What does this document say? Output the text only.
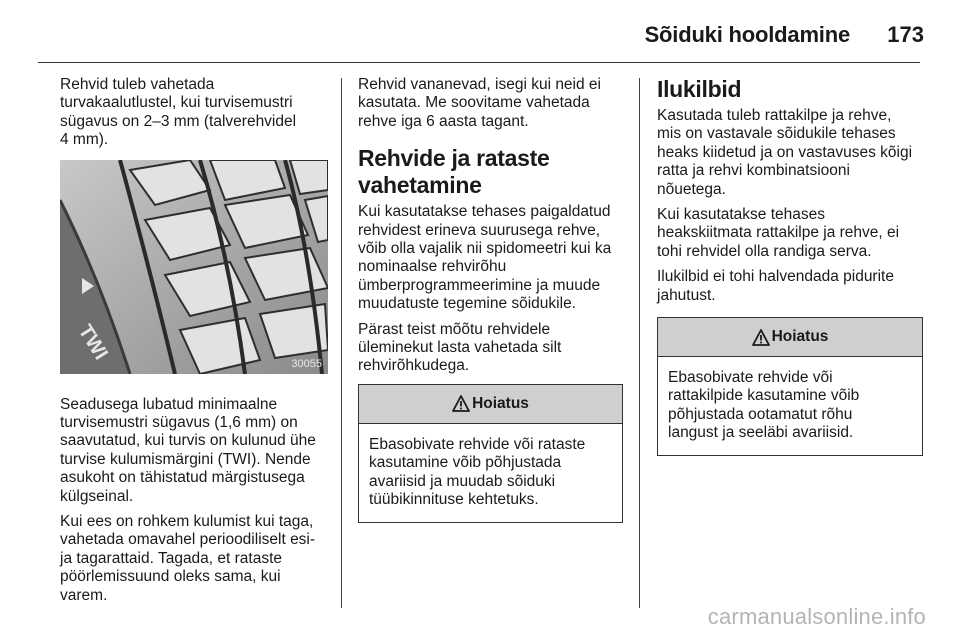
Sõiduki hooldamine	173

Rehvid tuleb vahetada
turvakaalutlustel, kui turvisemustri
sügavus on 2–3 mm (talverehvidel
4 mm).

TWI
30055

Seadusega lubatud minimaalne
turvisemustri sügavus (1,6 mm) on
saavutatud, kui turvis on kulunud ühe
turvise kulumismärgini (TWI). Nende
asukoht on tähistatud märgistusega
külgseinal.

Kui ees on rohkem kulumist kui taga,
vahetada omavahel perioodiliselt esi-
ja tagarattaid. Tagada, et rataste
pöörlemissuund oleks sama, kui
varem.

Rehvid vananevad, isegi kui neid ei
kasutata. Me soovitame vahetada
rehve iga 6 aasta tagant.

Rehvide ja rataste
vahetamine

Kui kasutatakse tehases paigaldatud
rehvidest erineva suurusega rehve,
võib olla vajalik nii spidomeetri kui ka
nominaalse rehvirõhu
ümberprogrammeerimine ja muude
muudatuste tegemine sõidukile.

Pärast teist mõõtu rehvidele
üleminekut lasta vahetada silt
rehvirõhkudega.

Hoiatus
Ebasobivate rehvide või rataste
kasutamine võib põhjustada
avariisid ja muudab sõiduki
tüübikinnituse kehtetuks.
Ilukilbid

Kasutada tuleb rattakilpe ja rehve,
mis on vastavale sõidukile tehases
heaks kiidetud ja on vastavuses kõigi
ratta ja rehvi kombinatsiooni
nõuetega.

Kui kasutatakse tehases
heakskiitmata rattakilpe ja rehve, ei
tohi rehvidel olla randiga serva.

Ilukilbid ei tohi halvendada pidurite
jahutust.

Hoiatus
Ebasobivate rehvide või
rattakilpide kasutamine võib
põhjustada ootamatut rõhu
langust ja seeläbi avariisid.
carmanualsonline.info
